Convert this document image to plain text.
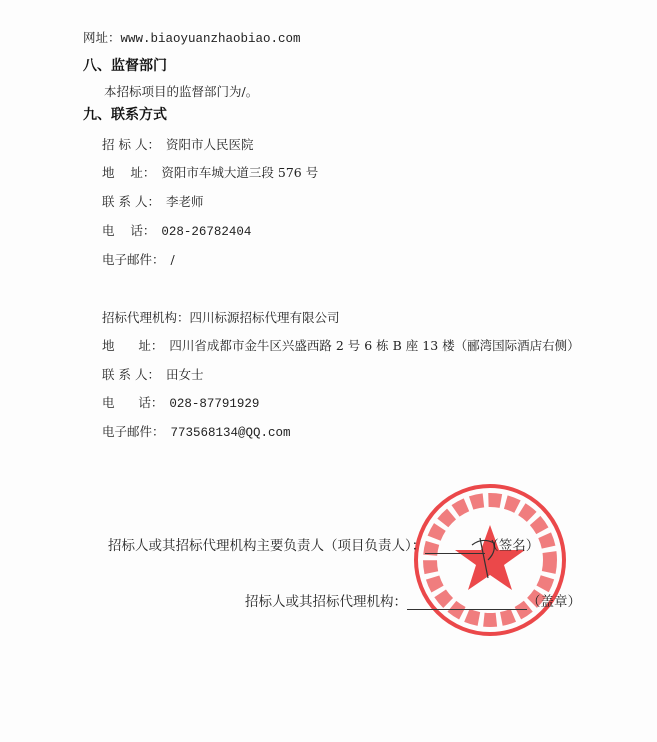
网址：www.biaoyuanzhaobiao.com
八、监督部门
本招标项目的监督部门为/。
九、联系方式
招 标 人： 资阳市人民医院
地    址： 资阳市车城大道三段 576 号
联 系 人： 李老师
电    话： 028-26782404
电子邮件： /
招标代理机构：四川标源招标代理有限公司
地      址： 四川省成都市金牛区兴盛西路 2 号 6 栋 B 座 13 楼（郦湾国际酒店右侧）
联 系 人： 田女士
电      话： 028-87791929
电子邮件： 773568134@QQ.com
招标人或其招标代理机构主要负责人（项目负责人）：	（签名）
招标人或其招标代理机构：	（盖章）
